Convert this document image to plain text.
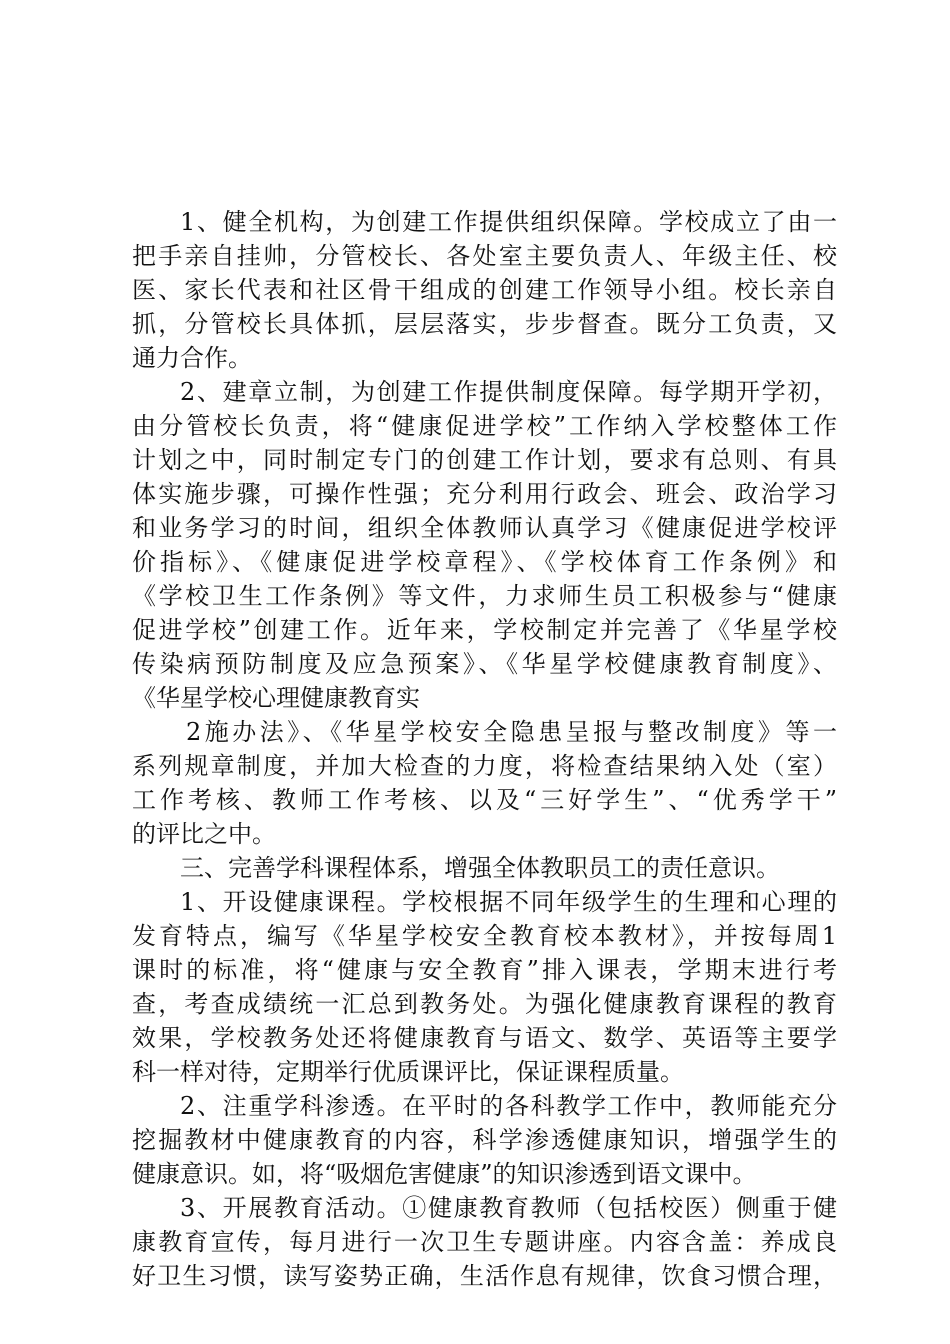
1、健全机构，为创建工作提供组织保障。学校成立了由一
把手亲自挂帅，分管校长、各处室主要负责人、年级主任、校
医、家长代表和社区骨干组成的创建工作领导小组。校长亲自
抓，分管校长具体抓，层层落实，步步督查。既分工负责，又
通力合作。
2、建章立制，为创建工作提供制度保障。每学期开学初，
由分管校长负责，将“健康促进学校”工作纳入学校整体工作
计划之中，同时制定专门的创建工作计划，要求有总则、有具
体实施步骤，可操作性强；充分利用行政会、班会、政治学习
和业务学习的时间，组织全体教师认真学习《健康促进学校评
价指标》、《健康促进学校章程》、《学校体育工作条例》和
《学校卫生工作条例》等文件，力求师生员工积极参与“健康
促进学校”创建工作。近年来，学校制定并完善了《华星学校
传染病预防制度及应急预案》、《华星学校健康教育制度》、
《华星学校心理健康教育实
2施办法》、《华星学校安全隐患呈报与整改制度》等一
系列规章制度，并加大检查的力度，将检查结果纳入处（室）
工作考核、教师工作考核、以及“三好学生”、“优秀学干”
的评比之中。
三、完善学科课程体系，增强全体教职员工的责任意识。
1、开设健康课程。学校根据不同年级学生的生理和心理的
发育特点，编写《华星学校安全教育校本教材》，并按每周1
课时的标准，将“健康与安全教育”排入课表，学期末进行考
查，考查成绩统一汇总到教务处。为强化健康教育课程的教育
效果，学校教务处还将健康教育与语文、数学、英语等主要学
科一样对待，定期举行优质课评比，保证课程质量。
2、注重学科渗透。在平时的各科教学工作中，教师能充分
挖掘教材中健康教育的内容，科学渗透健康知识，增强学生的
健康意识。如，将“吸烟危害健康”的知识渗透到语文课中。
3、开展教育活动。①健康教育教师（包括校医）侧重于健
康教育宣传，每月进行一次卫生专题讲座。内容含盖：养成良
好卫生习惯，读写姿势正确，生活作息有规律，饮食习惯合理，
